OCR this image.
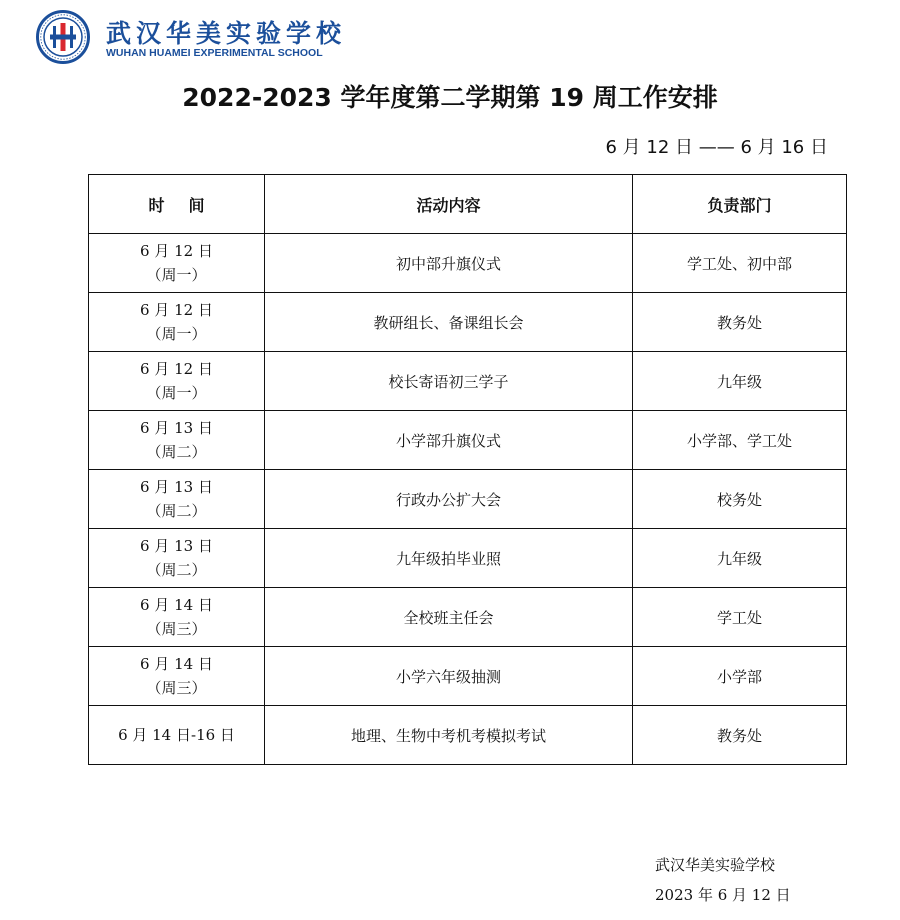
武汉华美实验学校
WUHAN HUAMEI EXPERIMENTAL SCHOOL
2022-2023 学年度第二学期第 19 周工作安排
6 月 12 日 —— 6 月 16 日
时间	活动内容	负责部门

6 月 12 日
（周一）	初中部升旗仪式	学工处、初中部

6 月 12 日
（周一）	教研组长、备课组长会	教务处

6 月 12 日
（周一）	校长寄语初三学子	九年级

6 月 13 日
（周二）	小学部升旗仪式	小学部、学工处

6 月 13 日
（周二）	行政办公扩大会	校务处

6 月 13 日
（周二）	九年级拍毕业照	九年级

6 月 14 日
（周三）	全校班主任会	学工处

6 月 14 日
（周三）	小学六年级抽测	小学部

6 月 14 日-16 日	地理、生物中考机考模拟考试	教务处
武汉华美实验学校
2023 年 6 月 12 日
